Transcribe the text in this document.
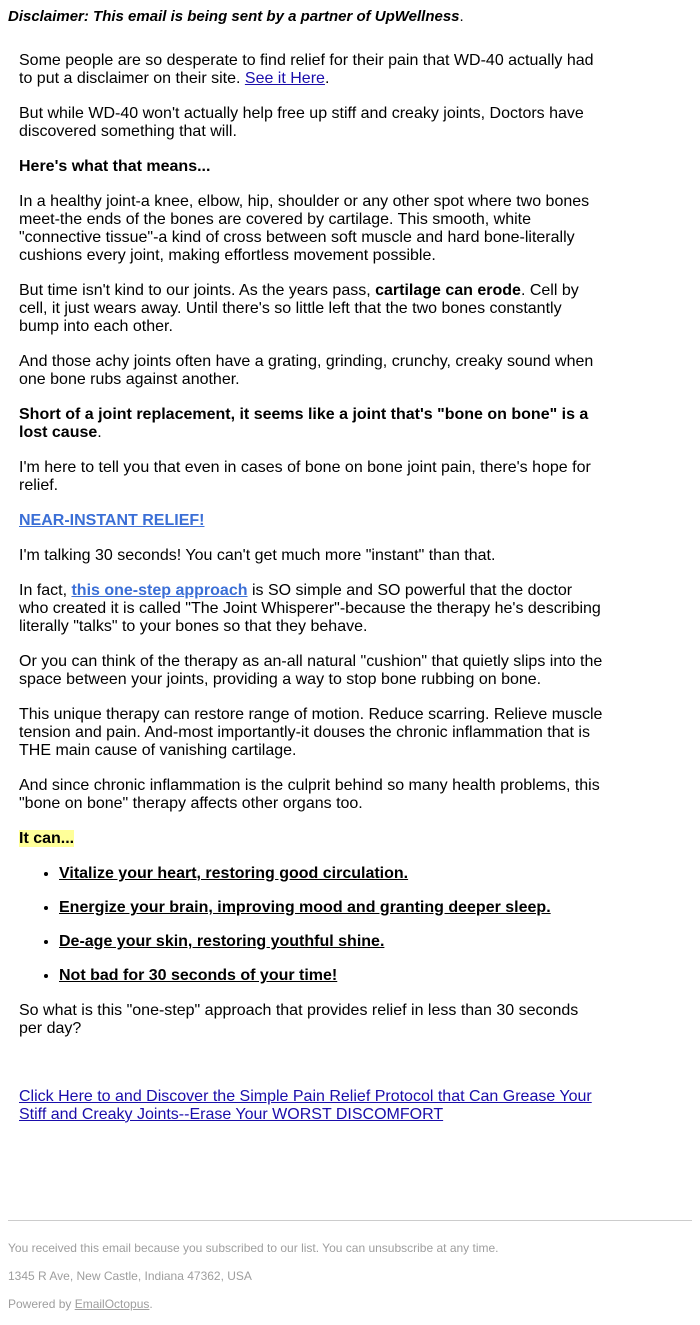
Disclaimer: This email is being sent by a partner of UpWellness.

Some people are so desperate to find relief for their pain that WD-40 actually had to put a disclaimer on their site. See it Here.

But while WD-40 won't actually help free up stiff and creaky joints, Doctors have discovered something that will.

Here's what that means...

In a healthy joint-a knee, elbow, hip, shoulder or any other spot where two bones meet-the ends of the bones are covered by cartilage. This smooth, white "connective tissue"-a kind of cross between soft muscle and hard bone-literally cushions every joint, making effortless movement possible.

But time isn't kind to our joints. As the years pass, cartilage can erode. Cell by cell, it just wears away. Until there's so little left that the two bones constantly bump into each other.

And those achy joints often have a grating, grinding, crunchy, creaky sound when one bone rubs against another.

Short of a joint replacement, it seems like a joint that's "bone on bone" is a lost cause.

I'm here to tell you that even in cases of bone on bone joint pain, there's hope for relief.

NEAR-INSTANT RELIEF!

I'm talking 30 seconds! You can't get much more "instant" than that.

In fact, this one-step approach is SO simple and SO powerful that the doctor who created it is called "The Joint Whisperer"-because the therapy he's describing literally "talks" to your bones so that they behave.

Or you can think of the therapy as an-all natural "cushion" that quietly slips into the space between your joints, providing a way to stop bone rubbing on bone.

This unique therapy can restore range of motion. Reduce scarring. Relieve muscle tension and pain. And-most importantly-it douses the chronic inflammation that is THE main cause of vanishing cartilage.

And since chronic inflammation is the culprit behind so many health problems, this "bone on bone" therapy affects other organs too.

It can...

• Vitalize your heart, restoring good circulation.
• Energize your brain, improving mood and granting deeper sleep.
• De-age your skin, restoring youthful shine.
• Not bad for 30 seconds of your time!

So what is this "one-step" approach that provides relief in less than 30 seconds per day?

Click Here to and Discover the Simple Pain Relief Protocol that Can Grease Your Stiff and Creaky Joints--Erase Your WORST DISCOMFORT
You received this email because you subscribed to our list. You can unsubscribe at any time.
1345 R Ave, New Castle, Indiana 47362, USA
Powered by EmailOctopus.
